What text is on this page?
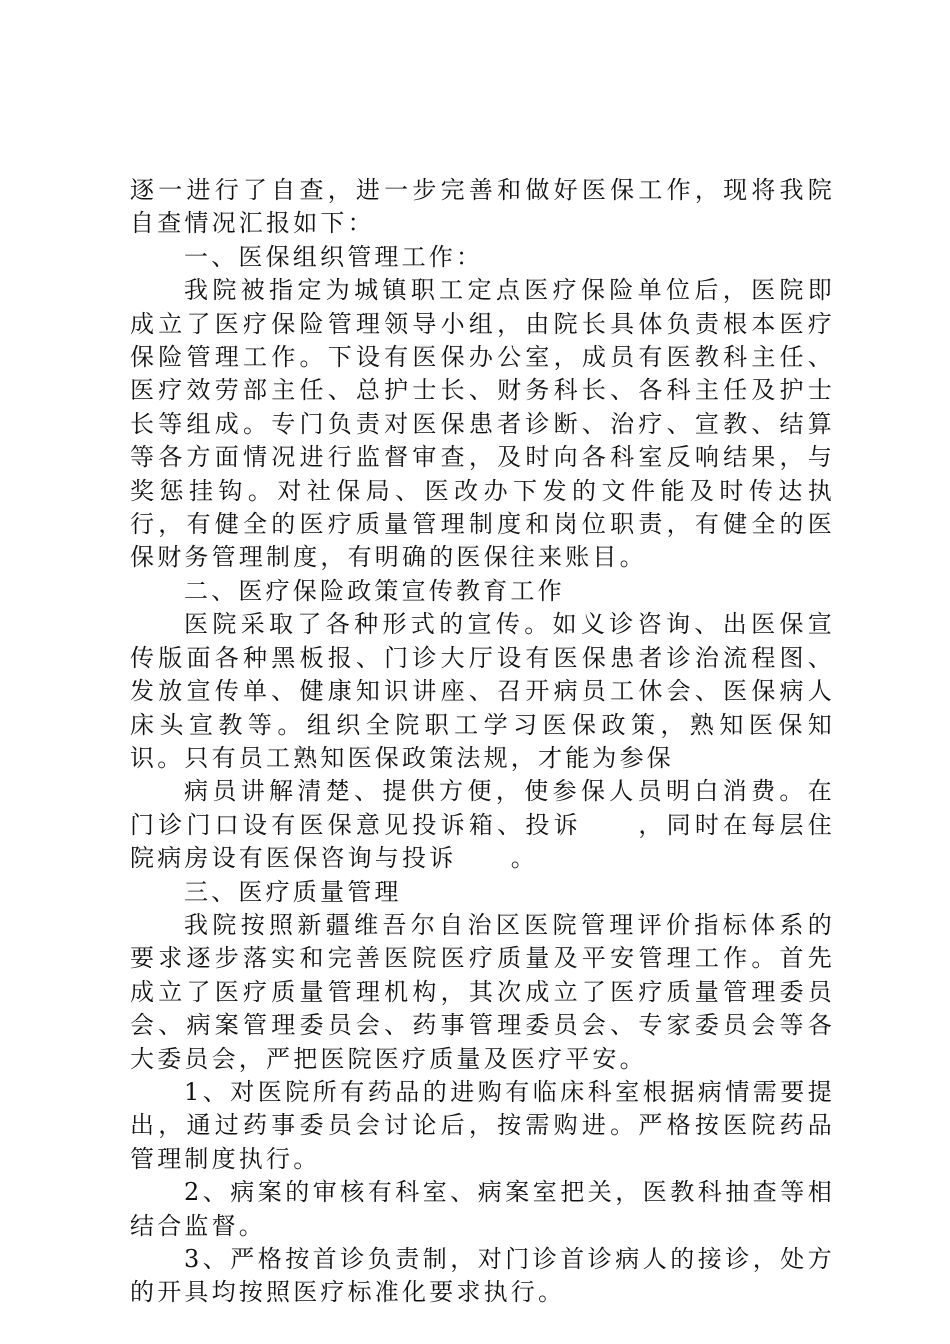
逐一进行了自查，进一步完善和做好医保工作，现将我院自查情况汇报如下：

一、医保组织管理工作：

我院被指定为城镇职工定点医疗保险单位后，医院即成立了医疗保险管理领导小组，由院长具体负责根本医疗保险管理工作。下设有医保办公室，成员有医教科主任、医疗效劳部主任、总护士长、财务科长、各科主任及护士长等组成。专门负责对医保患者诊断、治疗、宣教、结算等各方面情况进行监督审查，及时向各科室反响结果，与奖惩挂钩。对社保局、医改办下发的文件能及时传达执行，有健全的医疗质量管理制度和岗位职责，有健全的医保财务管理制度，有明确的医保往来账目。

二、医疗保险政策宣传教育工作

医院采取了各种形式的宣传。如义诊咨询、出医保宣传版面各种黑板报、门诊大厅设有医保患者诊治流程图、发放宣传单、健康知识讲座、召开病员工休会、医保病人床头宣教等。组织全院职工学习医保政策，熟知医保知识。只有员工熟知医保政策法规，才能为参保

病员讲解清楚、提供方便，使参保人员明白消费。在门诊门口设有医保意见投诉箱、投诉　　，同时在每层住院病房设有医保咨询与投诉　　。

三、医疗质量管理

我院按照新疆维吾尔自治区医院管理评价指标体系的要求逐步落实和完善医院医疗质量及平安管理工作。首先成立了医疗质量管理机构，其次成立了医疗质量管理委员会、病案管理委员会、药事管理委员会、专家委员会等各大委员会，严把医院医疗质量及医疗平安。

1、对医院所有药品的进购有临床科室根据病情需要提出，通过药事委员会讨论后，按需购进。严格按医院药品管理制度执行。

2、病案的审核有科室、病案室把关，医教科抽查等相结合监督。

3、严格按首诊负责制，对门诊首诊病人的接诊，处方的开具均按照医疗标准化要求执行。
